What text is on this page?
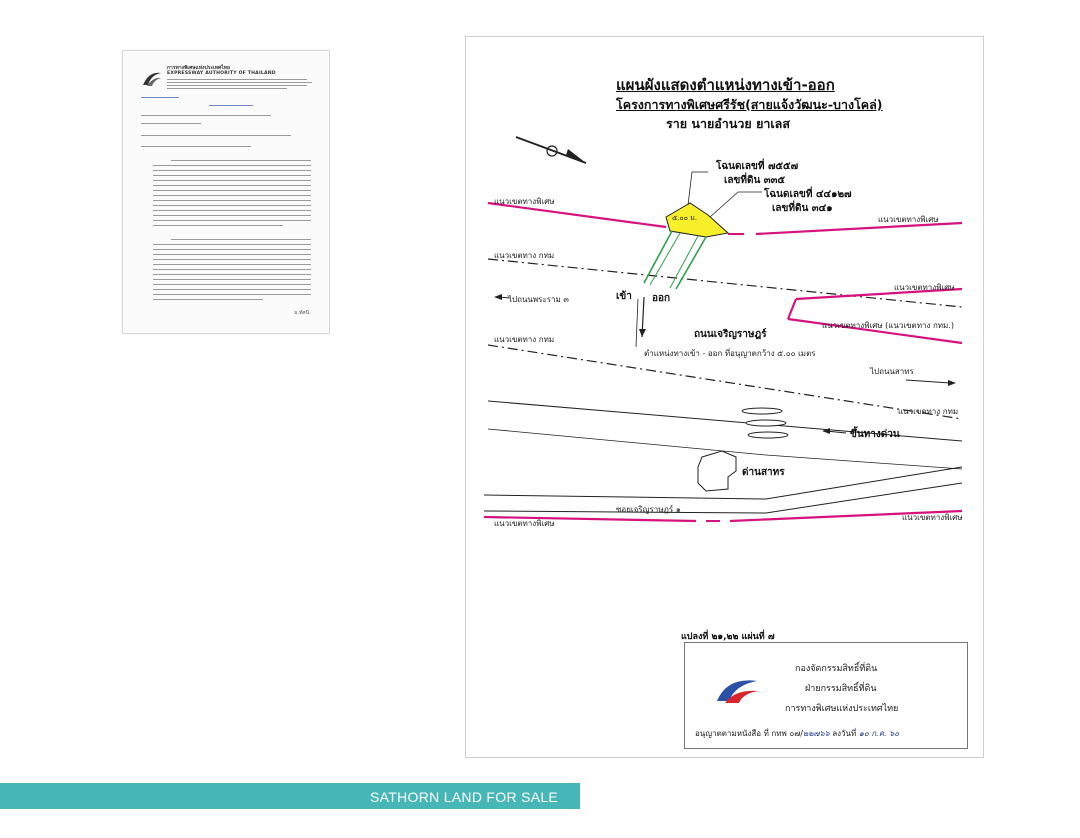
การทางพิเศษแห่งประเทศไทย
EXPRESSWAY AUTHORITY OF THAILAND
ม.ทัศนี
แผนผังแสดงตำแหน่งทางเข้า-ออก
โครงการทางพิเศษศรีรัช(สายแจ้งวัฒนะ-บางโคล่)
ราย นายอำนวย ยาเลส
โฉนดเลขที่ ๗๕๕๗
เลขที่ดิน ๓๓๕
โฉนดเลขที่ ๔๔๑๒๗
เลขที่ดิน ๓๔๑
๕.๐๐ ม.
แนวเขตทางพิเศษ
แนวเขตทางพิเศษ
แนวเขตทาง กทม
แนวเขตทางพิเศษ
แนวเขตทางพิเศษ (แนวเขตทาง กทม.)
ไปถนนพระราม ๓	เข้า ออก
ถนนเจริญราษฎร์
แนวเขตทาง กทม
ตำแหน่งทางเข้า - ออก ที่อนุญาตกว้าง ๕.๐๐ เมตร
ไปถนนสาทร
แนวเขตทาง กทม
ขึ้นทางด่วน
ด่านสาทร
ซอยเจริญราษฎร์ ๑
แนวเขตทางพิเศษ
แนวเขตทางพิเศษ
แปลงที่ ๒๑,๒๒ แผ่นที่ ๗
กองจัดกรรมสิทธิ์ที่ดิน
ฝ่ายกรรมสิทธิ์ที่ดิน
การทางพิเศษแห่งประเทศไทย
อนุญาตตามหนังสือ ที่ กทพ ๐๗/๒๒๗๖๖ ลงวันที่ ๑๐ ก.ค. ๖๐
SATHORN LAND FOR SALE
